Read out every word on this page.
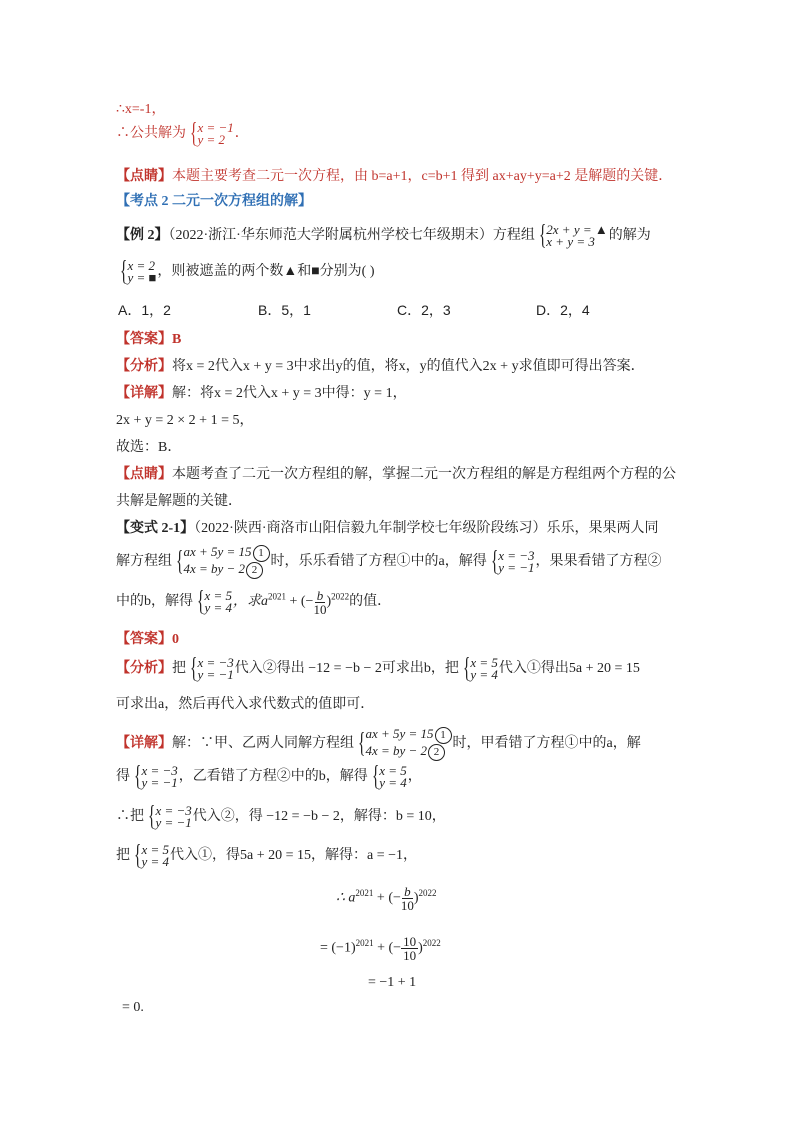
∴x=-1，
∴公共解为 { x = −1
y = 2 ．
【点睛】本题主要考查二元一次方程，由 b=a+1，c=b+1 得到 ax+ay+y=a+2 是解题的关键．
【考点 2 二元一次方程组的解】
【例 2】（2022·浙江·华东师范大学附属杭州学校七年级期末）方程组 { 2x + y = ▲
x + y = 3 的解为
{ x = 2
y = ■ ，则被遮盖的两个数▲和■分别为( )
A．1，2	B．5，1	C．2，3	D．2，4
【答案】B
【分析】将x = 2代入x + y = 3中求出y的值，将x，y的值代入2x + y求值即可得出答案．
【详解】解：将x = 2代入x + y = 3中得：y = 1，
2x + y = 2 × 2 + 1 = 5，
故选：B．
【点睛】本题考查了二元一次方程组的解，掌握二元一次方程组的解是方程组两个方程的公
共解是解题的关键．
【变式 2-1】（2022·陕西·商洛市山阳信毅九年制学校七年级阶段练习）乐乐，果果两人同
解方程组 { ax + 5y = 15 1
4x = by − 2 2
时，乐乐看错了方程①中的a，解得 { x = −3
y = −1 ，果果看错了方程②
中的b，解得 { x = 5
y = 4 ，求$a^{2021}$ + (− $\frac{b}{10} )^{2022}$的值．
【答案】0
【分析】把 { x = −3
y = −1 代入②得出 −12 = −b − 2可求出b，把 { x = 5
y = 4 代入①得出5a + 20 = 15
可求出a，然后再代入求代数式的值即可．
【详解】解：∵甲、乙两人同解方程组 { ax + 5y = 15 1
4x = by − 2 2
时，甲看错了方程①中的a，解
得 { x = −3
y = −1 ，乙看错了方程②中的b，解得 { x = 5
y = 4 ，
∴把 { x = −3
y = −1 代入②，得 −12 = −b − 2，解得：b = 10，
把 { x = 5
y = 4 代入①，得5a + 20 = 15，解得：a = −1，
∴ $a^{2021}$ + (− $\frac{b}{10} )^{2022}$
= $(-1)^{2021}$ + (− $\frac{10}{10} )^{2022}$
= −1 + 1
= 0.
